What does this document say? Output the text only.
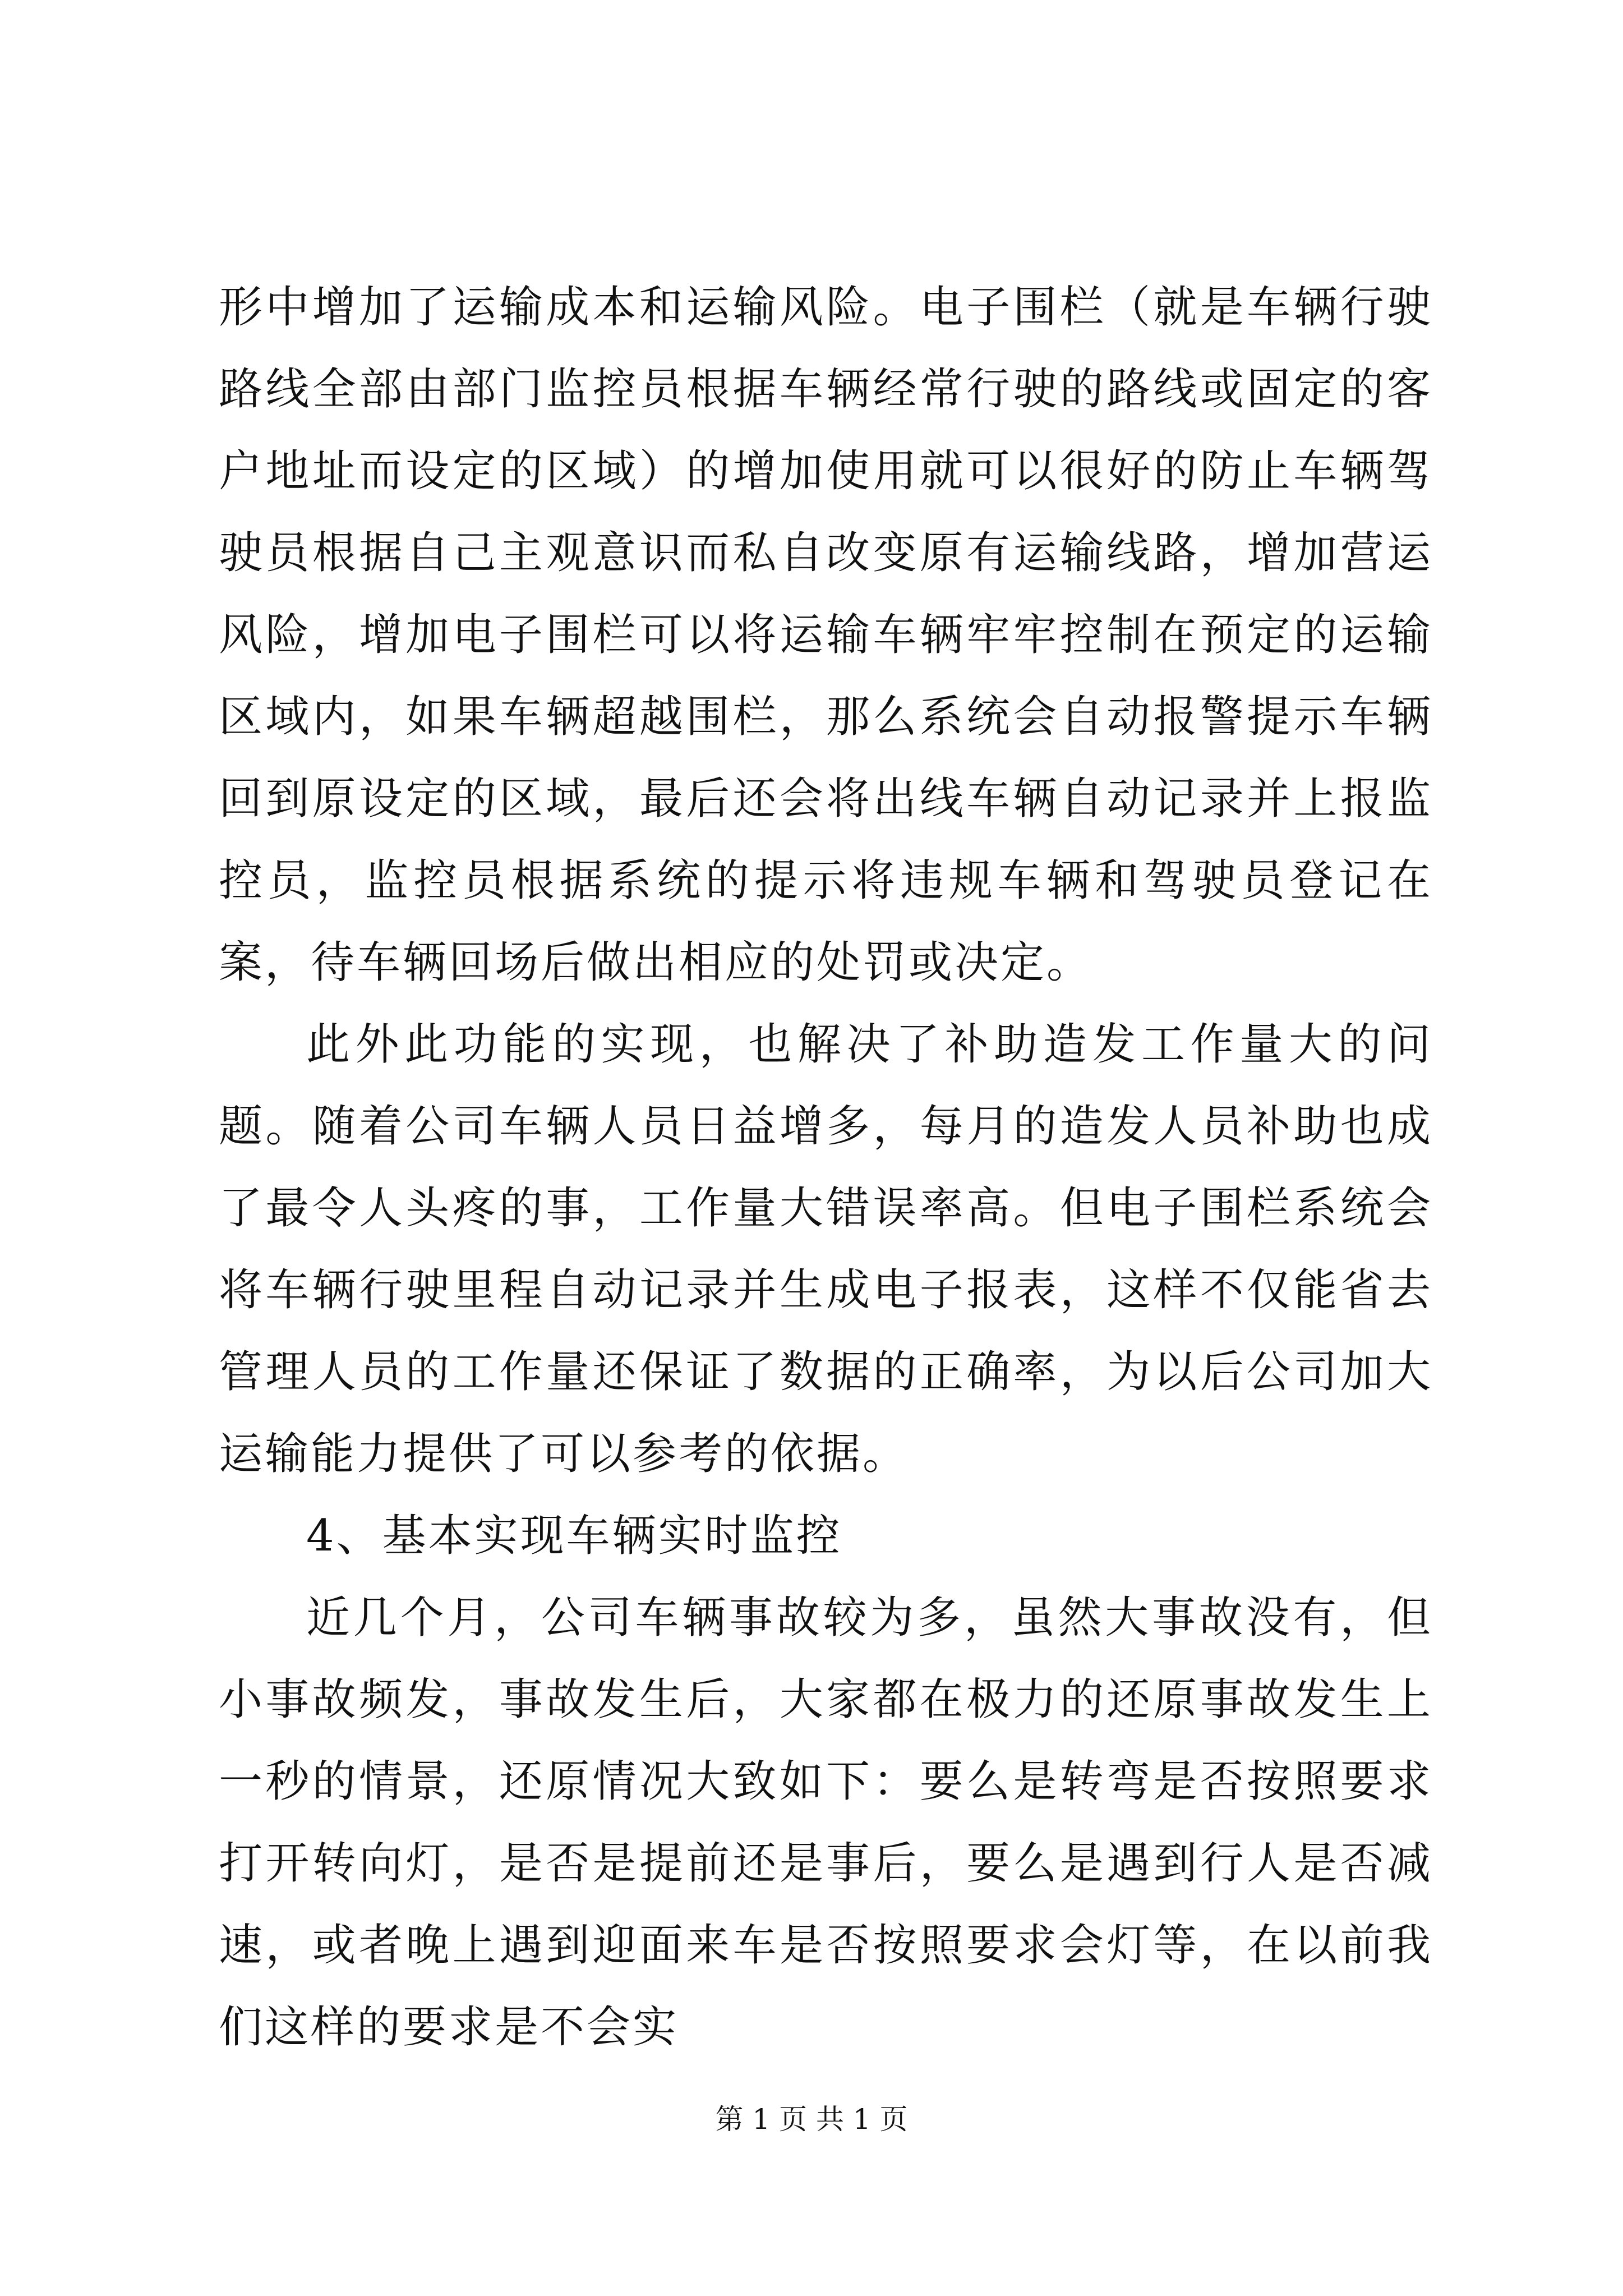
形中增加了运输成本和运输风险。电子围栏（就是车辆行驶路线全部由部门监控员根据车辆经常行驶的路线或固定的客户地址而设定的区域）的增加使用就可以很好的防止车辆驾驶员根据自己主观意识而私自改变原有运输线路，增加营运风险，增加电子围栏可以将运输车辆牢牢控制在预定的运输区域内，如果车辆超越围栏，那么系统会自动报警提示车辆回到原设定的区域，最后还会将出线车辆自动记录并上报监控员，监控员根据系统的提示将违规车辆和驾驶员登记在案，待车辆回场后做出相应的处罚或决定。

此外此功能的实现，也解决了补助造发工作量大的问题。随着公司车辆人员日益增多，每月的造发人员补助也成了最令人头疼的事，工作量大错误率高。但电子围栏系统会将车辆行驶里程自动记录并生成电子报表，这样不仅能省去管理人员的工作量还保证了数据的正确率，为以后公司加大运输能力提供了可以参考的依据。

4、基本实现车辆实时监控

近几个月，公司车辆事故较为多，虽然大事故没有，但小事故频发，事故发生后，大家都在极力的还原事故发生上一秒的情景，还原情况大致如下：要么是转弯是否按照要求打开转向灯，是否是提前还是事后，要么是遇到行人是否减速，或者晚上遇到迎面来车是否按照要求会灯等，在以前我们这样的要求是不会实

第 1 页 共 1 页
